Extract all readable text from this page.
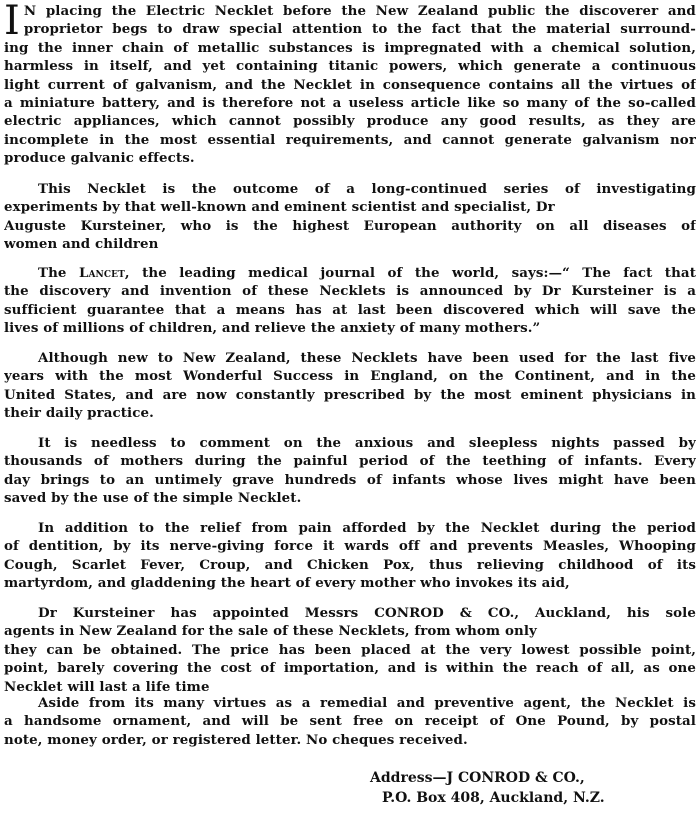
I N placing the Electric Necklet before the New Zealand public the discoverer and
proprietor begs to draw special attention to the fact that the material surround-
ing the inner chain of metallic substances is impregnated with a chemical solution,
harmless in itself, and yet containing titanic powers, which generate a continuous
light current of galvanism, and the Necklet in consequence contains all the virtues of
a miniature battery, and is therefore not a useless article like so many of the so-called
electric appliances, which cannot possibly produce any good results, as they are
incomplete in the most essential requirements, and cannot generate galvanism nor
produce galvanic effects.

This Necklet is the outcome of a long-continued series of investigating
experiments by that well-known and eminent scientist and specialist, Dr
Auguste Kursteiner, who is the highest European authority on all diseases of
women and children

The Lancet, the leading medical journal of the world, says:—“ The fact that
the discovery and invention of these Necklets is announced by Dr Kursteiner is a
sufficient guarantee that a means has at last been discovered which will save the
lives of millions of children, and relieve the anxiety of many mothers.”

Although new to New Zealand, these Necklets have been used for the last five
years with the most Wonderful Success in England, on the Continent, and in the
United States, and are now constantly prescribed by the most eminent physicians in
their daily practice.

It is needless to comment on the anxious and sleepless nights passed by
thousands of mothers during the painful period of the teething of infants. Every
day brings to an untimely grave hundreds of infants whose lives might have been
saved by the use of the simple Necklet.

In addition to the relief from pain afforded by the Necklet during the period
of dentition, by its nerve-giving force it wards off and prevents Measles, Whooping
Cough, Scarlet Fever, Croup, and Chicken Pox, thus relieving childhood of its
martyrdom, and gladdening the heart of every mother who invokes its aid,

Dr Kursteiner has appointed Messrs CONROD & CO., Auckland, his sole
agents in New Zealand for the sale of these Necklets, from whom only
they can be obtained. The price has been placed at the very lowest possible point,
point, barely covering the cost of importation, and is within the reach of all, as one
Necklet will last a life time

Aside from its many virtues as a remedial and preventive agent, the Necklet is
a handsome ornament, and will be sent free on receipt of One Pound, by postal
note, money order, or registered letter. No cheques received.

Address—J CONROD & CO.,
P.O. Box 408, Auckland, N.Z.
